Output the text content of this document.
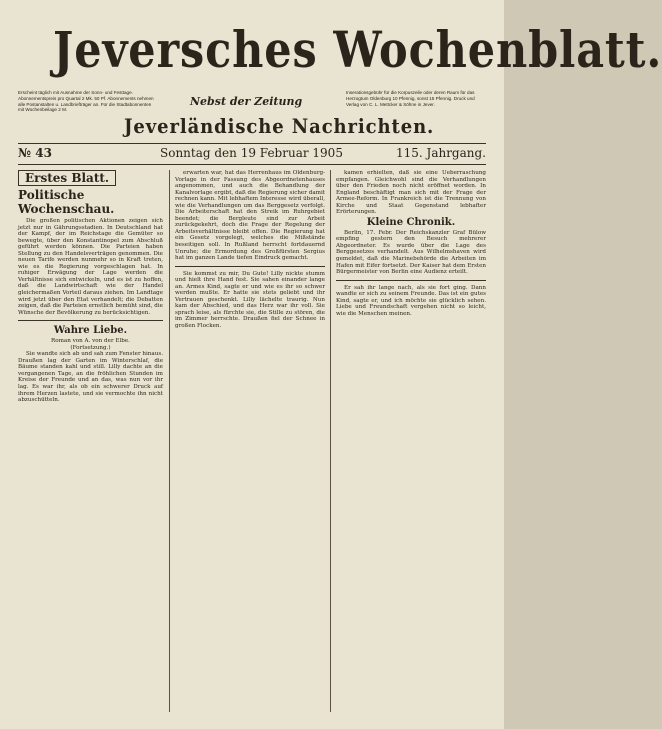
Jeversches Wochenblatt.
Erscheint täglich mit Ausnahme der Sonn- und Festtage. Abonnementspreis pro Quartal 2 Mk. 50 Pf. Abonnements nehmen alle Postanstalten u. Landbriefträger an. Für die Stadtabonnenten mit Wochenbeilage 2 M.
Nebst der Zeitung
Inserationsgebühr für die Korpuszeile oder deren Raum für das Herzogtum Oldenburg 10 Pfennig, sonst 15 Pfennig. Druck und Verlag von C. L. Mettcker & Söhne in Jever.
Jeverländische Nachrichten.
№ 43	Sonntag den 19 Februar 1905	115. Jahrgang.
Erstes Blatt.
Politische Wochenschau.

Die großen politischen Aktionen zeigen sich jetzt nur in Gährungsstadien. In Deutschland hat der Kampf, der im Reichstage die Gemüter so bewegte, über den Konstantinopel zum Abschluß geführt werden können. Die Parteien haben Stellung zu den Handelsverträgen genommen. Die neuen Tarife werden nunmehr so in Kraft treten, wie es die Regierung vorgeschlagen hat. In ruhiger Erwägung der Lage werden die Verhältnisse sich entwickeln, und es ist zu hoffen, daß die Landwirtschaft wie der Handel gleichermaßen Vorteil daraus ziehen. Im Landtage wird jetzt über den Etat verhandelt; die Debatten zeigen, daß die Parteien ernstlich bemüht sind, die Wünsche der Bevölkerung zu berücksichtigen.

Wahre Liebe.
Roman von A. von der Elbe.
(Fortsetzung.)

Sie wandte sich ab und sah zum Fenster hinaus. Draußen lag der Garten im Winterschlaf, die Bäume standen kahl und still. Lilly dachte an die vergangenen Tage, an die fröhlichen Stunden im Kreise der Freunde und an das, was nun vor ihr lag. Es war ihr, als ob ein schwerer Druck auf ihrem Herzen lastete, und sie vermochte ihn nicht abzuschütteln.

erwarten war, hat das Herrenhaus im Oldenburg-Vorlage in der Fassung des Abgeordnetenhauses angenommen, und auch die Behandlung der Kanalvorlage ergibt, daß die Regierung sicher damit rechnen kann. Mit lebhaftem Interesse wird überall, wie die Verhandlungen um das Berggesetz verfolgt. Die Arbeiterschaft hat den Streik im Ruhrgebiet beendet; die Bergleute sind zur Arbeit zurückgekehrt, doch die Frage der Regelung der Arbeitsverhältnisse bleibt offen. Die Regierung hat ein Gesetz vorgelegt, welches die Mißstände beseitigen soll. In Rußland herrscht fortdauernd Unruhe; die Ermordung des Großfürsten Sergius hat im ganzen Lande tiefen Eindruck gemacht.

Sie kommst zu mir, Du Gute! Lilly nickte stumm und hielt ihre Hand fest. Sie sahen einander lange an. Armes Kind, sagte er und wie es ihr so schwer werden mußte. Er hatte sie stets geliebt und ihr Vertrauen geschenkt. Lilly lächelte traurig. Nun kam der Abschied, und das Herz war ihr voll. Sie sprach leise, als fürchte sie, die Stille zu stören, die im Zimmer herrschte. Draußen fiel der Schnee in großen Flocken.

kamen erhielten, daß sie eine Ueberraschung empfangen. Gleichwohl sind die Verhandlungen über den Frieden noch nicht eröffnet worden. In England beschäftigt man sich mit der Frage der Armee-Reform. In Frankreich ist die Trennung von Kirche und Staat Gegenstand lebhafter Erörterungen.

Kleine Chronik.

Berlin, 17. Febr. Der Reichskanzler Graf Bülow empfing gestern den Besuch mehrerer Abgeordneter. Es wurde über die Lage des Berggesetzes verhandelt. Aus Wilhelmshaven wird gemeldet, daß die Marinebehörde die Arbeiten im Hafen mit Eifer fortsetzt. Der Kaiser hat dem Ersten Bürgermeister von Berlin eine Audienz erteilt.

Er sah ihr lange nach, als sie fort ging. Dann wandte er sich zu seinem Freunde. Das ist ein gutes Kind, sagte er, und ich möchte sie glücklich sehen. Liebe und Freundschaft vergehen nicht so leicht, wie die Menschen meinen.
